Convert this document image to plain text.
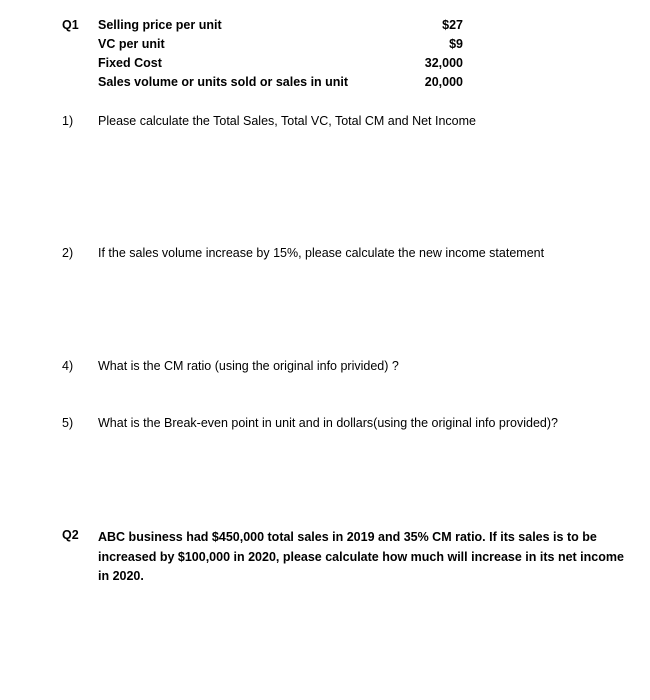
Q1 Selling price per unit	$27
VC per unit	$9
Fixed Cost	32,000
Sales volume or units sold or sales in unit	20,000
1) Please calculate the Total Sales, Total VC, Total CM and Net Income
2) If the sales volume increase by 15%, please calculate the new income statement
4) What is the CM ratio (using the original info privided) ?
5) What is the Break-even point in unit and in dollars(using the original info provided)?
Q2 ABC business had $450,000 total sales in 2019 and 35% CM ratio. If its sales is to be increased by $100,000 in 2020, please calculate how much will increase in its net income in 2020.
